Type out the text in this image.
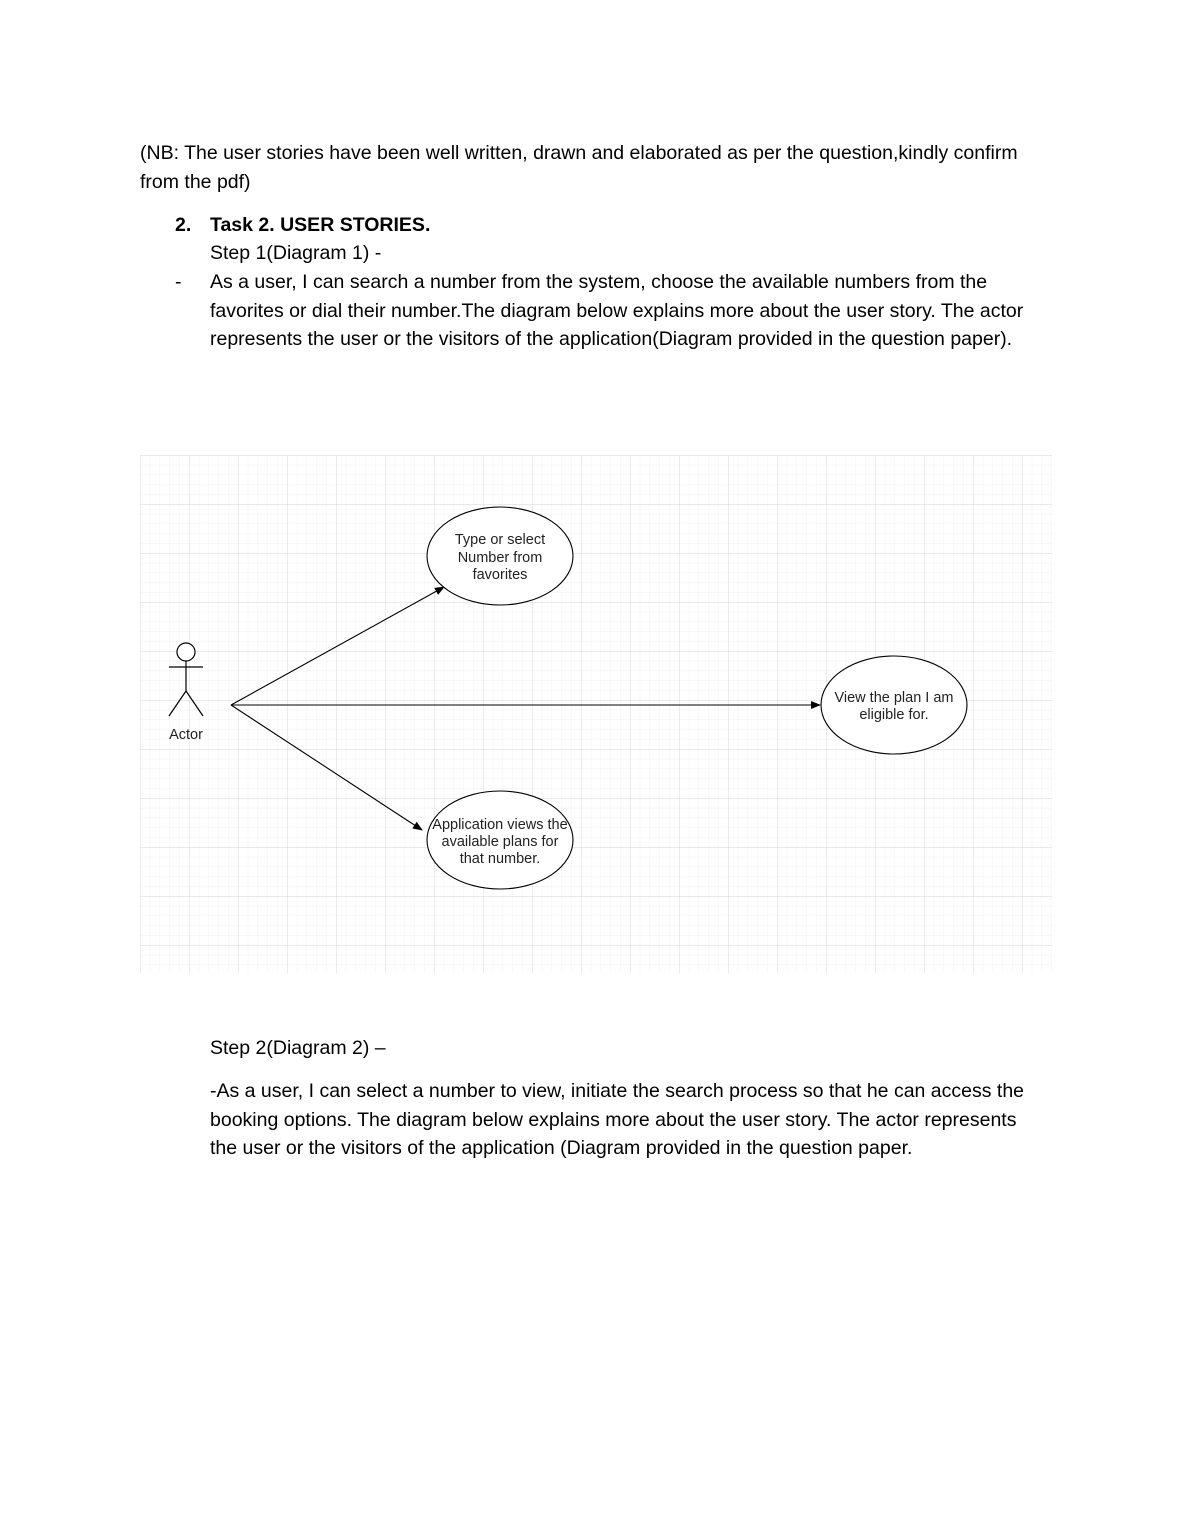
(NB: The user stories have been well written, drawn and elaborated as per the question,kindly confirm from the pdf)

2. Task 2. USER STORIES.

Step 1(Diagram 1) -

- As a user, I can search a number from the system, choose the available numbers from the favorites or dial their number.The diagram below explains more about the user story. The actor represents the user or the visitors of the application(Diagram provided in the question paper).

Actor
Type or select
Number from
favorites
View the plan I am
eligible for.
Application views the
available plans for
that number.

Step 2(Diagram 2) –

-As a user, I can select a number to view, initiate the search process so that he can access the booking options. The diagram below explains more about the user story. The actor represents the user or the visitors of the application (Diagram provided in the question paper.
